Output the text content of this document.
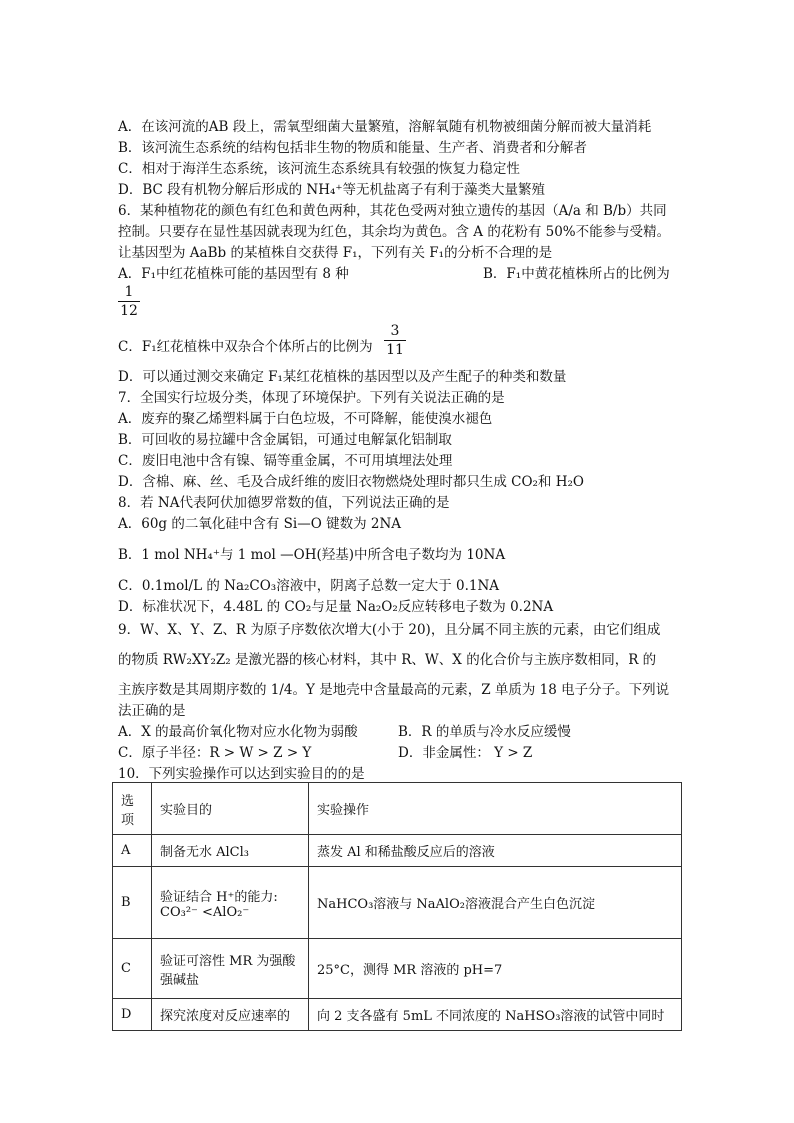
A．在该河流的AB 段上，需氧型细菌大量繁殖，溶解氧随有机物被细菌分解而被大量消耗
B．该河流生态系统的结构包括非生物的物质和能量、生产者、消费者和分解者
C．相对于海洋生态系统，该河流生态系统具有较强的恢复力稳定性
D．BC 段有机物分解后形成的 NH₄⁺等无机盐离子有利于藻类大量繁殖
6．某种植物花的颜色有红色和黄色两种，其花色受两对独立遗传的基因（A/a 和 B/b）共同
控制。只要存在显性基因就表现为红色，其余均为黄色。含 A 的花粉有 50%不能参与受精。
让基因型为 AaBb 的某植株自交获得 F₁，下列有关 F₁的分析不合理的是
A．F₁中红花植株可能的基因型有 8 种	B．F₁中黄花植株所占的比例为
1
12
C．F₁红花植株中双杂合个体所占的比例为
3
11
D．可以通过测交来确定 F₁某红花植株的基因型以及产生配子的种类和数量
7．全国实行垃圾分类，体现了环境保护。下列有关说法正确的是
A．废弃的聚乙烯塑料属于白色垃圾，不可降解，能使溴水褪色
B．可回收的易拉罐中含金属铝，可通过电解氯化铝制取
C．废旧电池中含有镍、镉等重金属，不可用填埋法处理
D．含棉、麻、丝、毛及合成纤维的废旧衣物燃烧处理时都只生成 CO₂和 H₂O
8．若 NA代表阿伏加德罗常数的值，下列说法正确的是
A．60g 的二氧化硅中含有 Si—O 键数为 2NA
B．1 mol NH₄⁺与 1 mol —OH(羟基)中所含电子数均为 10NA
C．0.1mol/L 的 Na₂CO₃溶液中，阴离子总数一定大于 0.1NA
D．标准状况下，4.48L 的 CO₂与足量 Na₂O₂反应转移电子数为 0.2NA
9．W、X、Y、Z、R 为原子序数依次增大(小于 20)，且分属不同主族的元素，由它们组成
的物质 RW₂XY₂Z₂ 是激光器的核心材料，其中 R、W、X 的化合价与主族序数相同，R 的
主族序数是其周期序数的 1/4。Y 是地壳中含量最高的元素，Z 单质为 18 电子分子。下列说
法正确的是
A．X 的最高价氧化物对应水化物为弱酸	B．R 的单质与冷水反应缓慢
C．原子半径：R > W > Z > Y	D．非金属性： Y > Z
10．下列实验操作可以达到实验目的的是
选
项	实验目的	实验操作
A	制备无水 AlCl₃	蒸发 Al 和稀盐酸反应后的溶液
B	验证结合 H⁺的能力: CO₃²⁻ <AlO₂⁻	NaHCO₃溶液与 NaAlO₂溶液混合产生白色沉淀
C	验证可溶性 MR 为强酸强碱盐	25°C，测得 MR 溶液的 pH=7
D	探究浓度对反应速率的	向 2 支各盛有 5mL 不同浓度的 NaHSO₃溶液的试管中同时
